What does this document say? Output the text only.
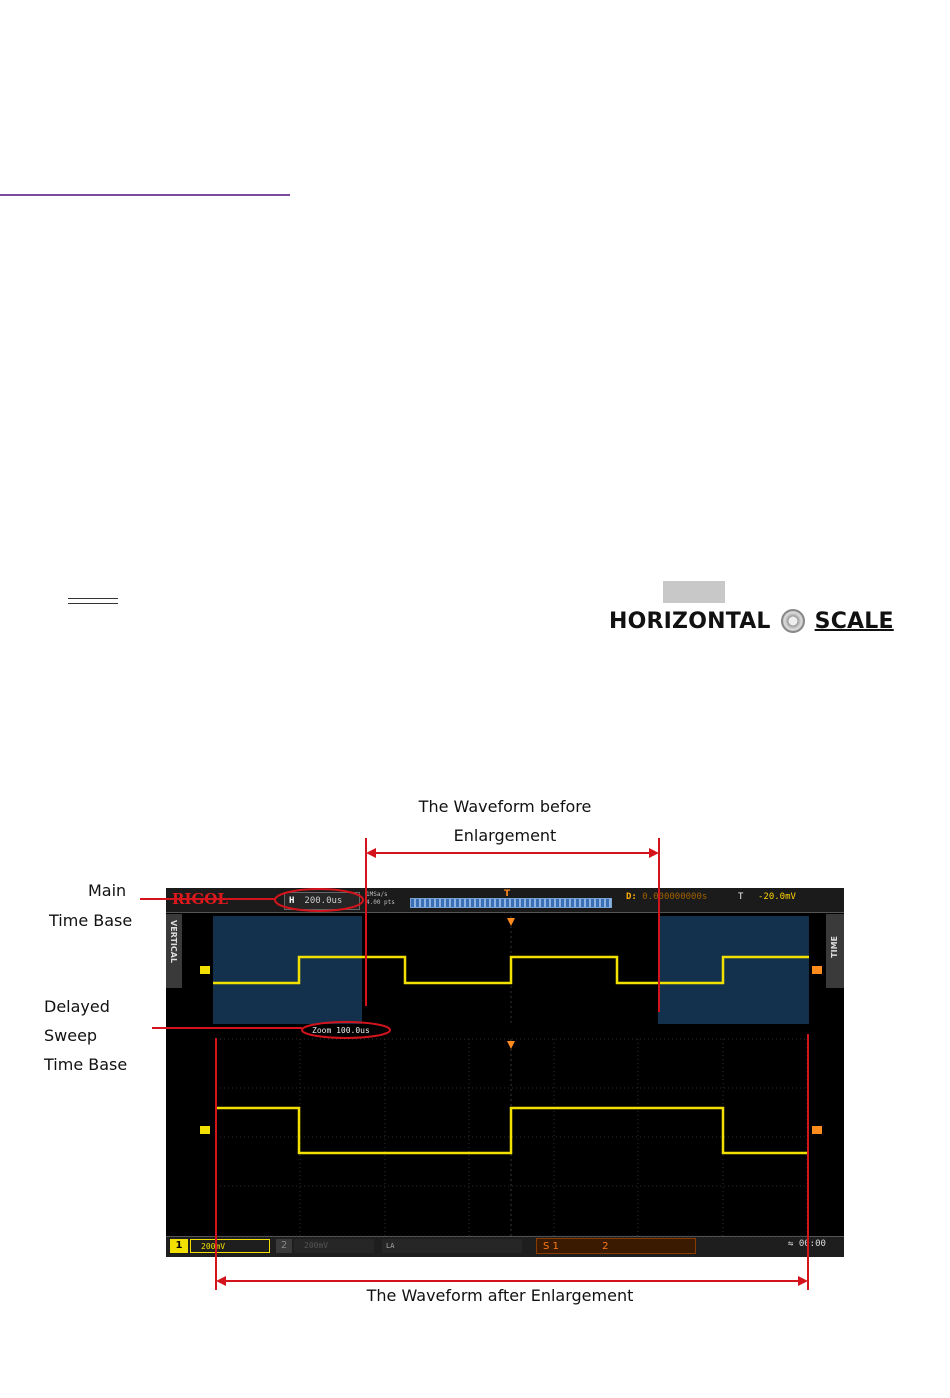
HORIZONTAL SCALE
The Waveform before
Enlargement
Main
Time Base
Delayed
Sweep
Time Base
The Waveform after Enlargement
RIGOL	H 200.0us
1MSa/s
4.00 pts
T	D: 0.000000000s	T -20.0mV
VERTICAL	TIME
Zoom 100.0us
1	200mV	2	200mV	LA	S 1	2	⇋ 00:00
